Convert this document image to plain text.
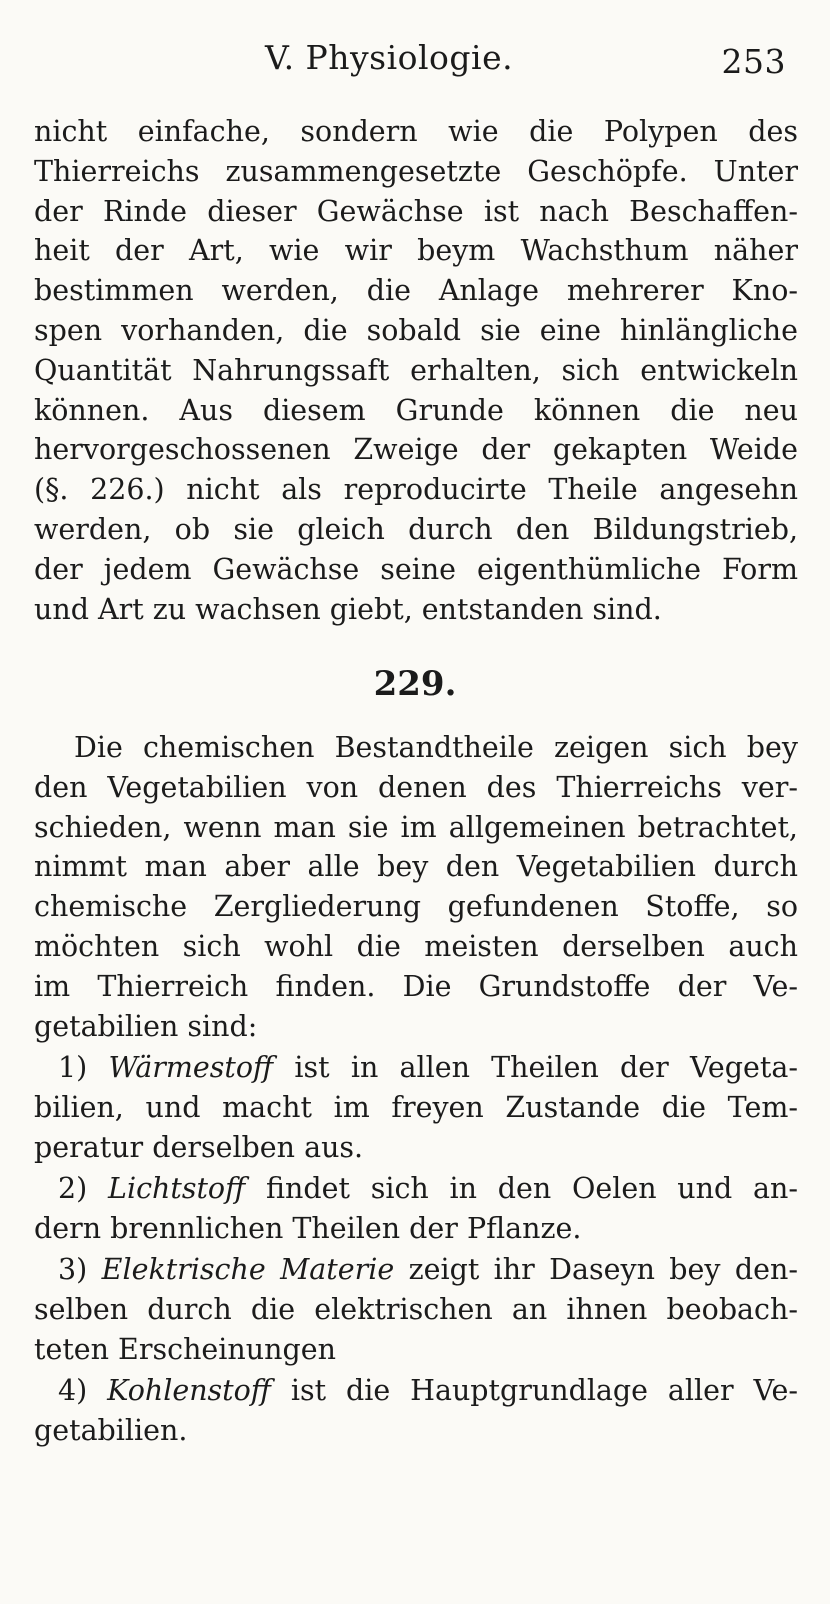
V. Physiologie.	253
nicht einfache, sondern wie die Polypen des
Thierreichs zusammengesetzte Geschöpfe. Unter
der Rinde dieser Gewächse ist nach Beschaffen-
heit der Art, wie wir beym Wachsthum näher
bestimmen werden, die Anlage mehrerer Kno-
spen vorhanden, die sobald sie eine hinlängliche
Quantität Nahrungssaft erhalten, sich entwickeln
können. Aus diesem Grunde können die neu
hervorgeschossenen Zweige der gekapten Weide
(§. 226.) nicht als reproducirte Theile angesehn
werden, ob sie gleich durch den Bildungstrieb,
der jedem Gewächse seine eigenthümliche Form
und Art zu wachsen giebt, entstanden sind.
229.
Die chemischen Bestandtheile zeigen sich bey
den Vegetabilien von denen des Thierreichs ver-
schieden, wenn man sie im allgemeinen betrachtet,
nimmt man aber alle bey den Vegetabilien durch
chemische Zergliederung gefundenen Stoffe, so
möchten sich wohl die meisten derselben auch
im Thierreich finden. Die Grundstoffe der Ve-
getabilien sind:
1) Wärmestoff ist in allen Theilen der Vegeta-
bilien, und macht im freyen Zustande die Tem-
peratur derselben aus.
2) Lichtstoff findet sich in den Oelen und an-
dern brennlichen Theilen der Pflanze.
3) Elektrische Materie zeigt ihr Daseyn bey den-
selben durch die elektrischen an ihnen beobach-
teten Erscheinungen
4) Kohlenstoff ist die Hauptgrundlage aller Ve-
getabilien.
